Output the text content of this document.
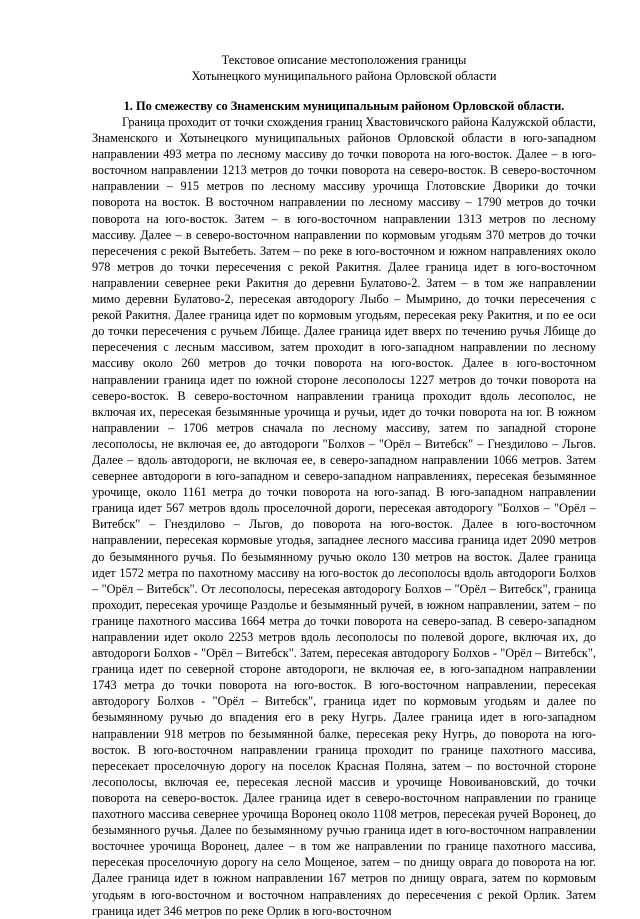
Текстовое описание местоположения границы
Хотынецкого муниципального района Орловской области

1. По смежеству со Знаменским муниципальным районом Орловской области.

Граница проходит от точки схождения границ Хвастовичского района Калужской области, Знаменского и Хотынецкого муниципальных районов Орловской области в юго-западном направлении 493 метра по лесному массиву до точки поворота на юго-восток. Далее – в юго-восточном направлении 1213 метров до точки поворота на северо-восток. В северо-восточном направлении – 915 метров по лесному массиву урочища Глотовские Дворики до точки поворота на восток. В восточном направлении по лесному массиву – 1790 метров до точки поворота на юго-восток. Затем – в юго-восточном направлении 1313 метров по лесному массиву. Далее – в северо-восточном направлении по кормовым угодьям 370 метров до точки пересечения с рекой Вытебеть. Затем – по реке в юго-восточном и южном направлениях около 978 метров до точки пересечения с рекой Ракитня. Далее граница идет в юго-восточном направлении севернее реки Ракитня до деревни Булатово-2. Затем – в том же направлении мимо деревни Булатово-2, пересекая автодорогу Лыбо – Мымрино, до точки пересечения с рекой Ракитня. Далее граница идет по кормовым угодьям, пересекая реку Ракитня, и по ее оси до точки пересечения с ручьем Лбище. Далее граница идет вверх по течению ручья Лбище до пересечения с лесным массивом, затем проходит в юго-западном направлении по лесному массиву около 260 метров до точки поворота на юго-восток. Далее в юго-восточном направлении граница идет по южной стороне лесополосы 1227 метров до точки поворота на северо-восток. В северо-восточном направлении граница проходит вдоль лесополос, не включая их, пересекая безымянные урочища и ручьи, идет до точки поворота на юг. В южном направлении – 1706 метров сначала по лесному массиву, затем по западной стороне лесополосы, не включая ее, до автодороги "Болхов – "Орёл – Витебск" – Гнездилово – Льгов. Далее – вдоль автодороги, не включая ее, в северо-западном направлении 1066 метров. Затем севернее автодороги в юго-западном и северо-западном направлениях, пересекая безымянное урочище, около 1161 метра до точки поворота на юго-запад. В юго-западном направлении граница идет 567 метров вдоль проселочной дороги, пересекая автодорогу "Болхов – "Орёл – Витебск" – Гнездилово – Льгов, до поворота на юго-восток. Далее в юго-восточном направлении, пересекая кормовые угодья, западнее лесного массива граница идет 2090 метров до безымянного ручья. По безымянному ручью около 130 метров на восток. Далее граница идет 1572 метра по пахотному массиву на юго-восток до лесополосы вдоль автодороги Болхов – "Орёл – Витебск". От лесополосы, пересекая автодорогу Болхов – "Орёл – Витебск", граница проходит, пересекая урочище Раздолье и безымянный ручей, в южном направлении, затем – по границе пахотного массива 1664 метра до точки поворота на северо-запад. В северо-западном направлении идет около 2253 метров вдоль лесополосы по полевой дороге, включая их, до автодороги Болхов - "Орёл – Витебск". Затем, пересекая автодорогу Болхов - "Орёл – Витебск", граница идет по северной стороне автодороги, не включая ее, в юго-западном направлении 1743 метра до точки поворота на юго-восток. В юго-восточном направлении, пересекая автодорогу Болхов - "Орёл – Витебск", граница идет по кормовым угодьям и далее по безымянному ручью до впадения его в реку Нугрь. Далее граница идет в юго-западном направлении 918 метров по безымянной балке, пересекая реку Нугрь, до поворота на юго-восток. В юго-восточном направлении граница проходит по границе пахотного массива, пересекает проселочную дорогу на поселок Красная Поляна, затем – по восточной стороне лесополосы, включая ее, пересекая лесной массив и урочище Новоивановский, до точки поворота на северо-восток. Далее граница идет в северо-восточном направлении по границе пахотного массива севернее урочища Воронец около 1108 метров, пересекая ручей Воронец, до безымянного ручья. Далее по безымянному ручью граница идет в юго-восточном направлении восточнее урочища Воронец, далее – в том же направлении по границе пахотного массива, пересекая проселочную дорогу на село Мощеное, затем – по днищу оврага до поворота на юг. Далее граница идет в южном направлении 167 метров по днищу оврага, затем по кормовым угодьям в юго-восточном и восточном направлениях до пересечения с рекой Орлик. Затем граница идет 346 метров по реке Орлик в юго-восточном
